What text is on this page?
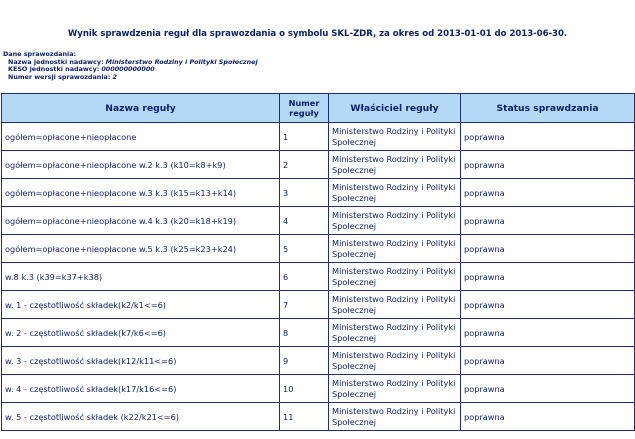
Wynik sprawdzenia reguł dla sprawozdania o symbolu SKL-ZDR, za okres od 2013-01-01 do 2013-06-30.
Dane sprawozdania:
Nazwa jednostki nadawcy: Ministerstwo Rodziny i Polityki Społecznej
KESO jednostki nadawcy: 000000000000
Numer wersji sprawozdania: 2
Nazwa reguły	Numer reguły	Właściciel reguły	Status sprawdzania
ogółem=opłacone+nieopłacone	1	Ministerstwo Rodziny i Polityki Społecznej	poprawna
ogółem=opłacone+nieopłacone w.2 k.3 (k10=k8+k9)	2	Ministerstwo Rodziny i Polityki Społecznej	poprawna
ogółem=opłacone+nieopłacone w.3 k.3 (k15=k13+k14)	3	Ministerstwo Rodziny i Polityki Społecznej	poprawna
ogółem=opłacone+nieopłacone w.4 k.3 (k20=k18+k19)	4	Ministerstwo Rodziny i Polityki Społecznej	poprawna
ogółem=opłacone+nieopłacone w.5 k.3 (k25=k23+k24)	5	Ministerstwo Rodziny i Polityki Społecznej	poprawna
w.8 k.3 (k39=k37+k38)	6	Ministerstwo Rodziny i Polityki Społecznej	poprawna
w. 1 - częstotliwość składek(k2/k1<=6)	7	Ministerstwo Rodziny i Polityki Społecznej	poprawna
w. 2 - częstotliwość składek(k7/k6<=6)	8	Ministerstwo Rodziny i Polityki Społecznej	poprawna
w. 3 - częstotliwość składek(k12/k11<=6)	9	Ministerstwo Rodziny i Polityki Społecznej	poprawna
w. 4 - częstotliwość składek(k17/k16<=6)	10	Ministerstwo Rodziny i Polityki Społecznej	poprawna
w. 5 - częstotliwość składek (k22/k21<=6)	11	Ministerstwo Rodziny i Polityki Społecznej	poprawna
